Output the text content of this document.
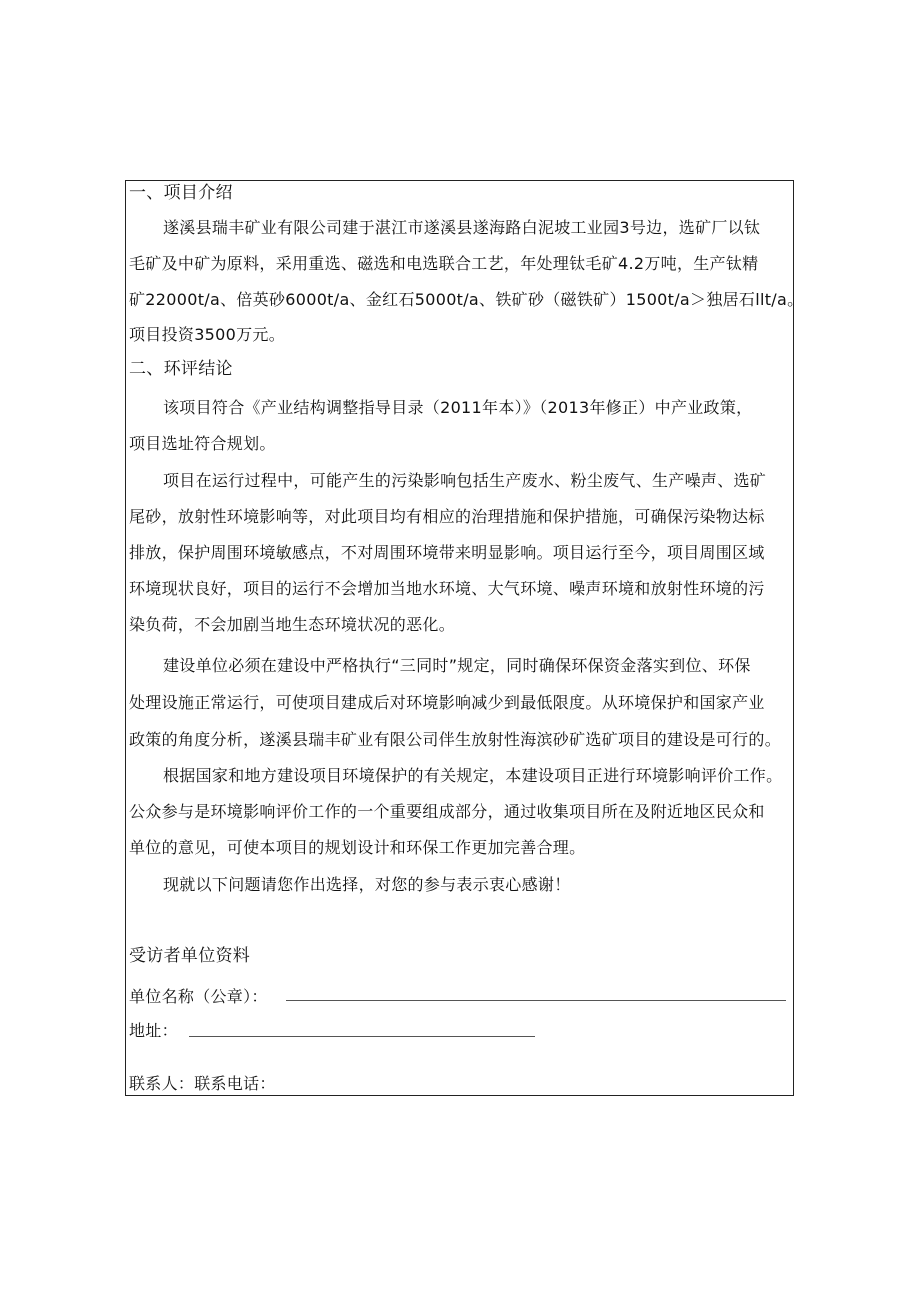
一、项目介绍
遂溪县瑞丰矿业有限公司建于湛江市遂溪县遂海路白泥坡工业园3号边，选矿厂以钛
毛矿及中矿为原料，采用重选、磁选和电选联合工艺，年处理钛毛矿4.2万吨，生产钛精
矿22000t/a、倍英砂6000t/a、金红石5000t/a、铁矿砂（磁铁矿）1500t/a＞独居石llt/a。
项目投资3500万元。
二、环评结论
该项目符合《产业结构调整指导目录（2011年本）》（2013年修正）中产业政策，
项目选址符合规划。
项目在运行过程中，可能产生的污染影响包括生产废水、粉尘废气、生产噪声、选矿
尾砂，放射性环境影响等，对此项目均有相应的治理措施和保护措施，可确保污染物达标
排放，保护周围环境敏感点，不对周围环境带来明显影响。项目运行至今，项目周围区域
环境现状良好，项目的运行不会增加当地水环境、大气环境、噪声环境和放射性环境的污
染负荷，不会加剧当地生态环境状况的恶化。
建设单位必须在建设中严格执行“三同时”规定，同时确保环保资金落实到位、环保
处理设施正常运行，可使项目建成后对环境影响减少到最低限度。从环境保护和国家产业
政策的角度分析，遂溪县瑞丰矿业有限公司伴生放射性海滨砂矿选矿项目的建设是可行的。
根据国家和地方建设项目环境保护的有关规定，本建设项目正进行环境影响评价工作。
公众参与是环境影响评价工作的一个重要组成部分，通过收集项目所在及附近地区民众和
单位的意见，可使本项目的规划设计和环保工作更加完善合理。
现就以下问题请您作出选择，对您的参与表示衷心感谢！
受访者单位资料
单位名称（公章）：
地址：
联系人：联系电话：
